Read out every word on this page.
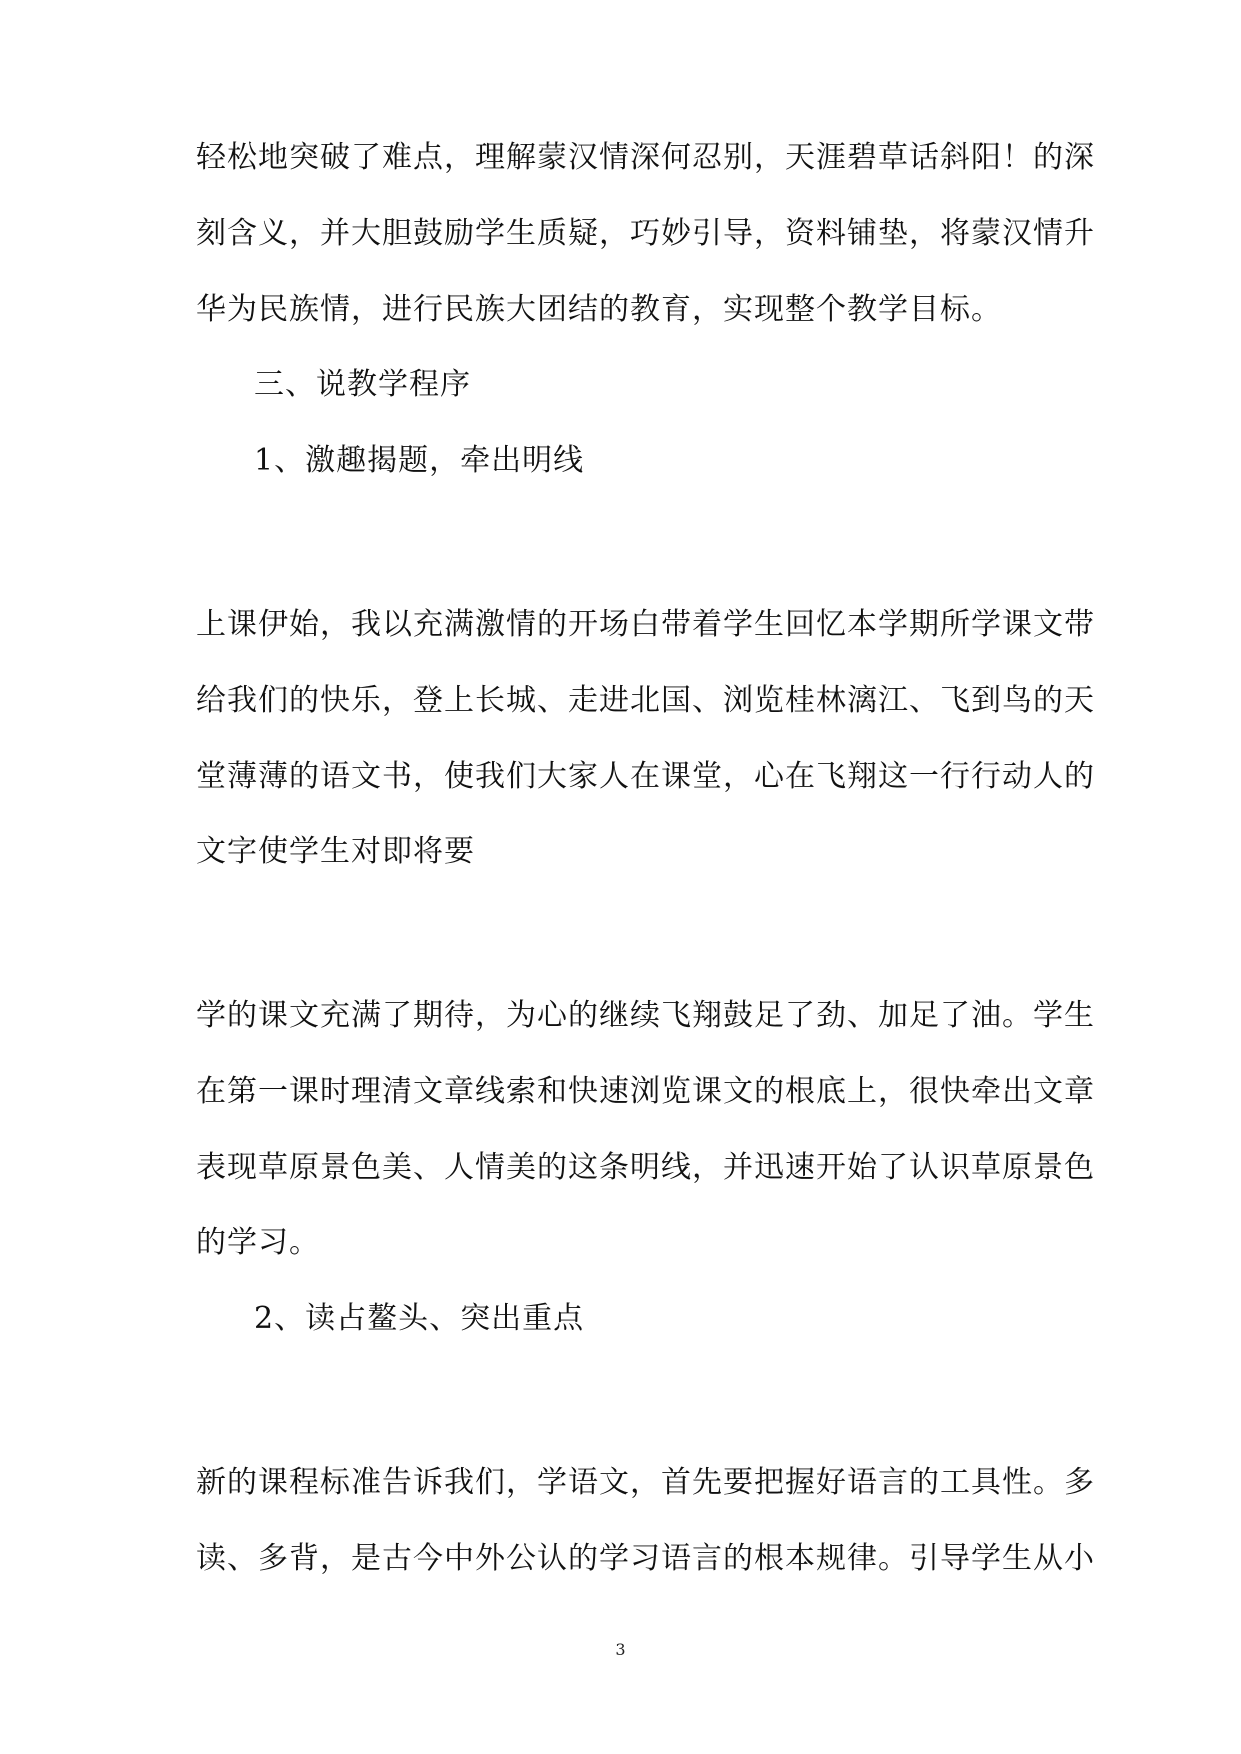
轻松地突破了难点，理解蒙汉情深何忍别，天涯碧草话斜阳！的深
刻含义，并大胆鼓励学生质疑，巧妙引导，资料铺垫，将蒙汉情升
华为民族情，进行民族大团结的教育，实现整个教学目标。
三、说教学程序
1、激趣揭题，牵出明线
上课伊始，我以充满激情的开场白带着学生回忆本学期所学课文带
给我们的快乐，登上长城、走进北国、浏览桂林漓江、飞到鸟的天
堂薄薄的语文书，使我们大家人在课堂，心在飞翔这一行行动人的
文字使学生对即将要
学的课文充满了期待，为心的继续飞翔鼓足了劲、加足了油。学生
在第一课时理清文章线索和快速浏览课文的根底上，很快牵出文章
表现草原景色美、人情美的这条明线，并迅速开始了认识草原景色
的学习。
2、读占鳌头、突出重点
新的课程标准告诉我们，学语文，首先要把握好语言的工具性。多
读、多背，是古今中外公认的学习语言的根本规律。引导学生从小
3
